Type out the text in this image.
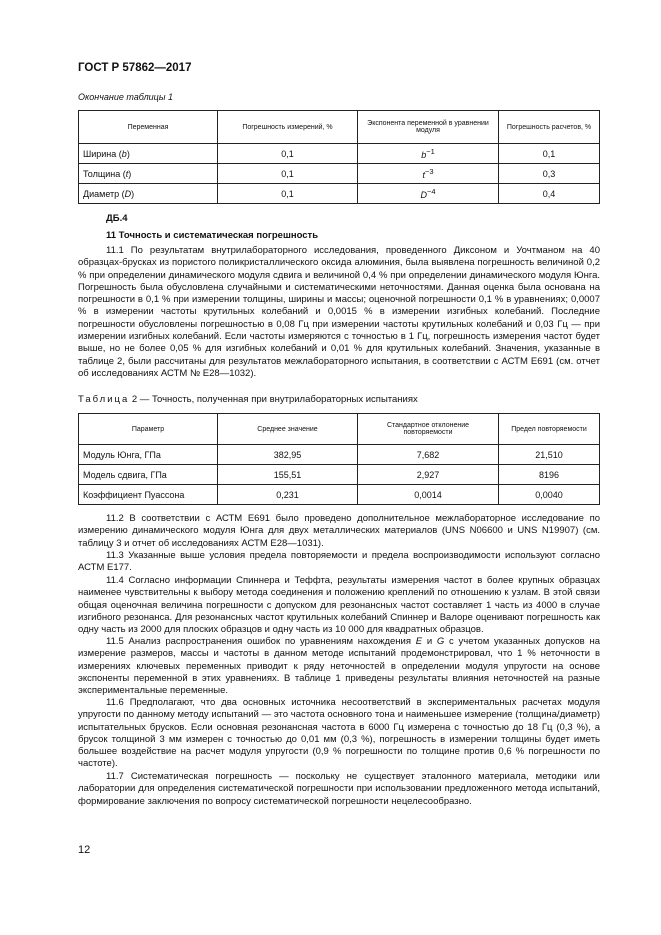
ГОСТ Р 57862—2017
Окончание таблицы 1
Переменная	Погрешность измерений, %	Экспонента переменной в уравнении модуля	Погрешность расчетов, %
Ширина (b)	0,1	$b^{-1}$	0,1
Толщина (t)	0,1	$t^{-3}$	0,3
Диаметр (D)	0,1	$D^{-4}$	0,4
ДБ.4
11 Точность и систематическая погрешность

11.1 По результатам внутрилабораторного исследования, проведенного Диксоном и Уочтманом на 40 образцах-брусках из пористого поликристаллического оксида алюминия, была выявлена погрешность величиной 0,2 % при определении динамического модуля сдвига и величиной 0,4 % при определении динамического модуля Юнга. Погрешность была обусловлена случайными и систематическими неточностями. Данная оценка была основана на погрешности в 0,1 % при измерении толщины, ширины и массы; оценочной погрешности 0,1 % в уравнениях; 0,0007 % в измерении частоты крутильных колебаний и 0,0015 % в измерении изгибных колебаний. Последние погрешности обусловлены погрешностью в 0,08 Гц при измерении частоты крутильных колебаний и 0,03 Гц — при измерении изгибных колебаний. Если частоты измеряются с точностью в 1 Гц, погрешность измерения частот будет выше, но не более 0,05 % для изгибных колебаний и 0,01 % для крутильных колебаний. Значения, указанные в таблице 2, были рассчитаны для результатов межлабораторного испытания, в соответствии с АСТМ Е691 (см. отчет об исследованиях АСТМ № Е28—1032).

Таблица 2 — Точность, полученная при внутрилабораторных испытаниях
Параметр	Среднее значение	Стандартное отклонение повторяемости	Предел повторяемости
Модуль Юнга, ГПа	382,95	7,682	21,510
Модель сдвига, ГПа	155,51	2,927	8196
Коэффициент Пуассона	0,231	0,0014	0,0040

11.2 В соответствии с АСТМ Е691 было проведено дополнительное межлабораторное исследование по измерению динамического модуля Юнга для двух металлических материалов (UNS N06600 и UNS N19907) (см. таблицу 3 и отчет об исследованиях АСТМ Е28—1031).

11.3 Указанные выше условия предела повторяемости и предела воспроизводимости используют согласно АСТМ Е177.

11.4 Согласно информации Спиннера и Теффта, результаты измерения частот в более крупных образцах наименее чувствительны к выбору метода соединения и положению креплений по отношению к узлам. В этой связи общая оценочная величина погрешности с допуском для резонансных частот составляет 1 часть из 4000 в случае изгибного резонанса. Для резонансных частот крутильных колебаний Спиннер и Валоре оценивают погрешность как одну часть из 2000 для плоских образцов и одну часть из 10 000 для квадратных образцов.

11.5 Анализ распространения ошибок по уравнениям нахождения E и G с учетом указанных допусков на измерение размеров, массы и частоты в данном методе испытаний продемонстрировал, что 1 % неточности в измерениях ключевых переменных приводит к ряду неточностей в определении модуля упругости на основе экспоненты переменной в этих уравнениях. В таблице 1 приведены результаты влияния неточностей на разные экспериментальные переменные.

11.6 Предполагают, что два основных источника несоответствий в экспериментальных расчетах модуля упругости по данному методу испытаний — это частота основного тона и наименьшее измерение (толщина/диаметр) испытательных брусков. Если основная резонансная частота в 6000 Гц измерена с точностью до 18 Гц (0,3 %), а брусок толщиной 3 мм измерен с точностью до 0,01 мм (0,3 %), погрешность в измерении толщины будет иметь большее воздействие на расчет модуля упругости (0,9 % погрешности по толщине против 0,6 % погрешности по частоте).

11.7 Систематическая погрешность — поскольку не существует эталонного материала, методики или лаборатории для определения систематической погрешности при использовании предложенного метода испытаний, формирование заключения по вопросу систематической погрешности нецелесообразно.

12
